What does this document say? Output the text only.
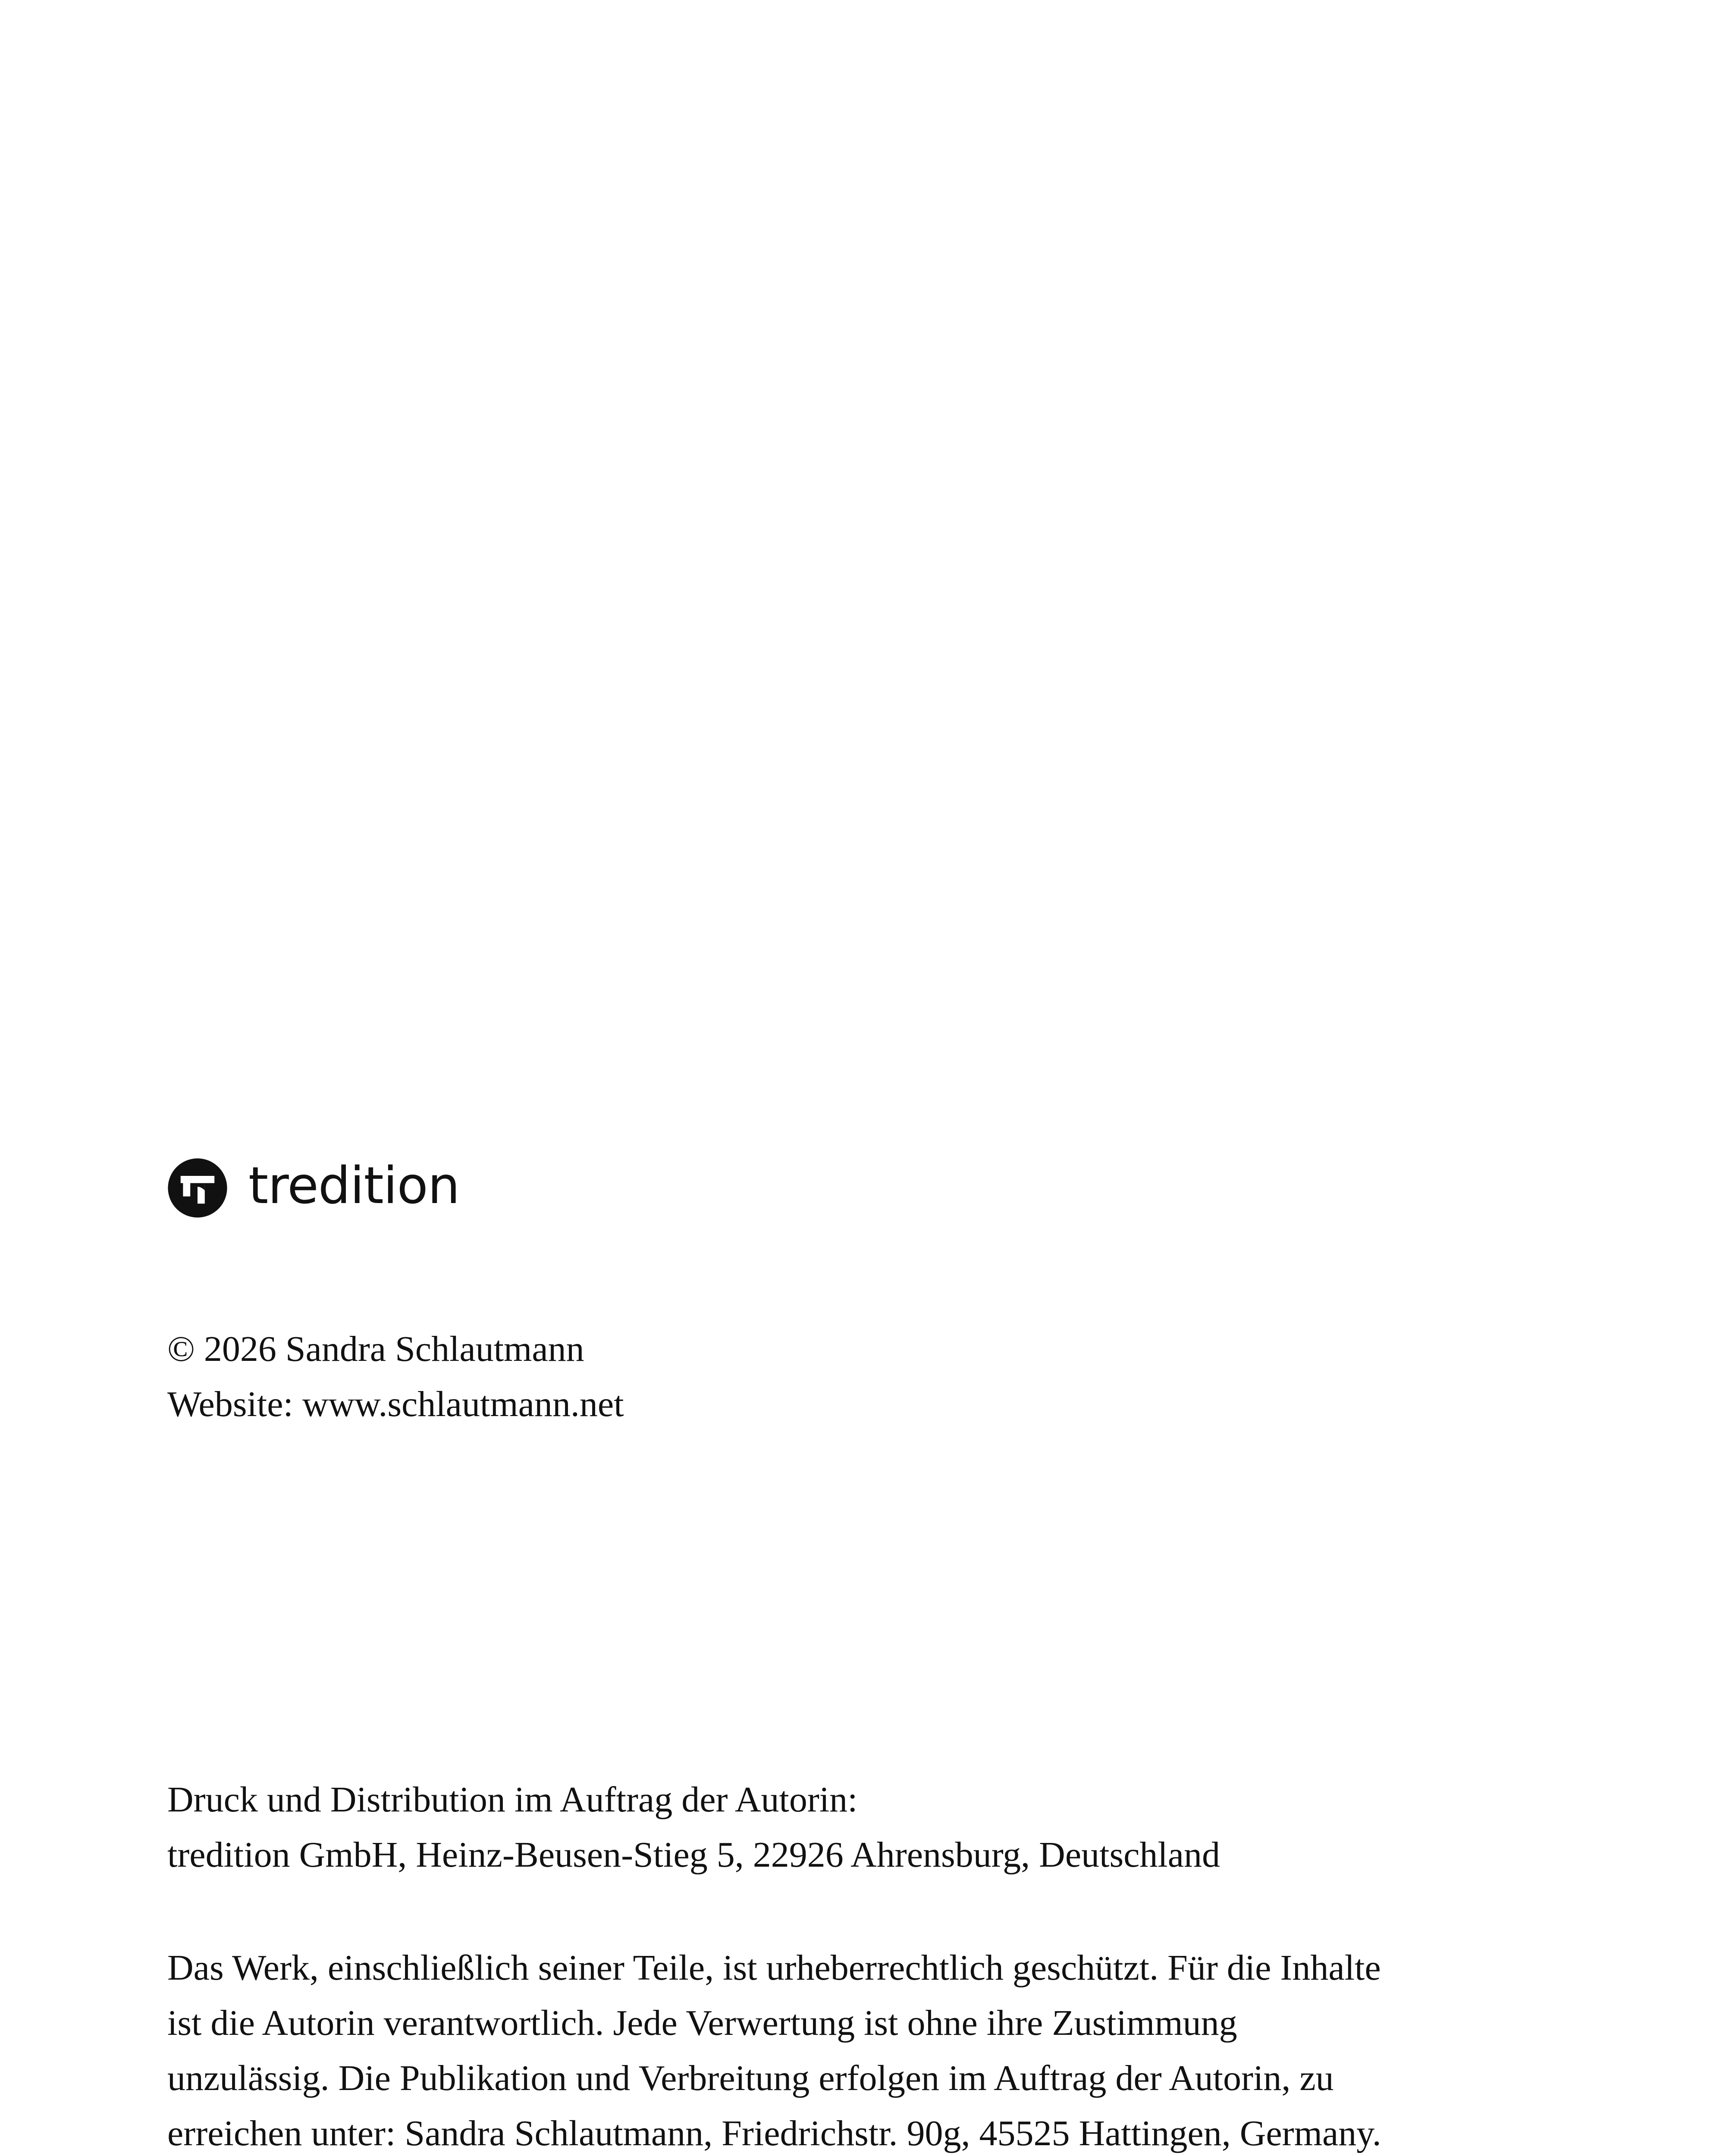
tredition

© 2026 Sandra Schlautmann

Website: www.schlautmann.net

Druck und Distribution im Auftrag der Autorin:

tredition GmbH, Heinz-Beusen-Stieg 5, 22926 Ahrensburg, Deutschland

Das Werk, einschließlich seiner Teile, ist urheberrechtlich geschützt. Für die Inhalte

ist die Autorin verantwortlich. Jede Verwertung ist ohne ihre Zustimmung

unzulässig. Die Publikation und Verbreitung erfolgen im Auftrag der Autorin, zu

erreichen unter: Sandra Schlautmann, Friedrichstr. 90g, 45525 Hattingen, Germany.
